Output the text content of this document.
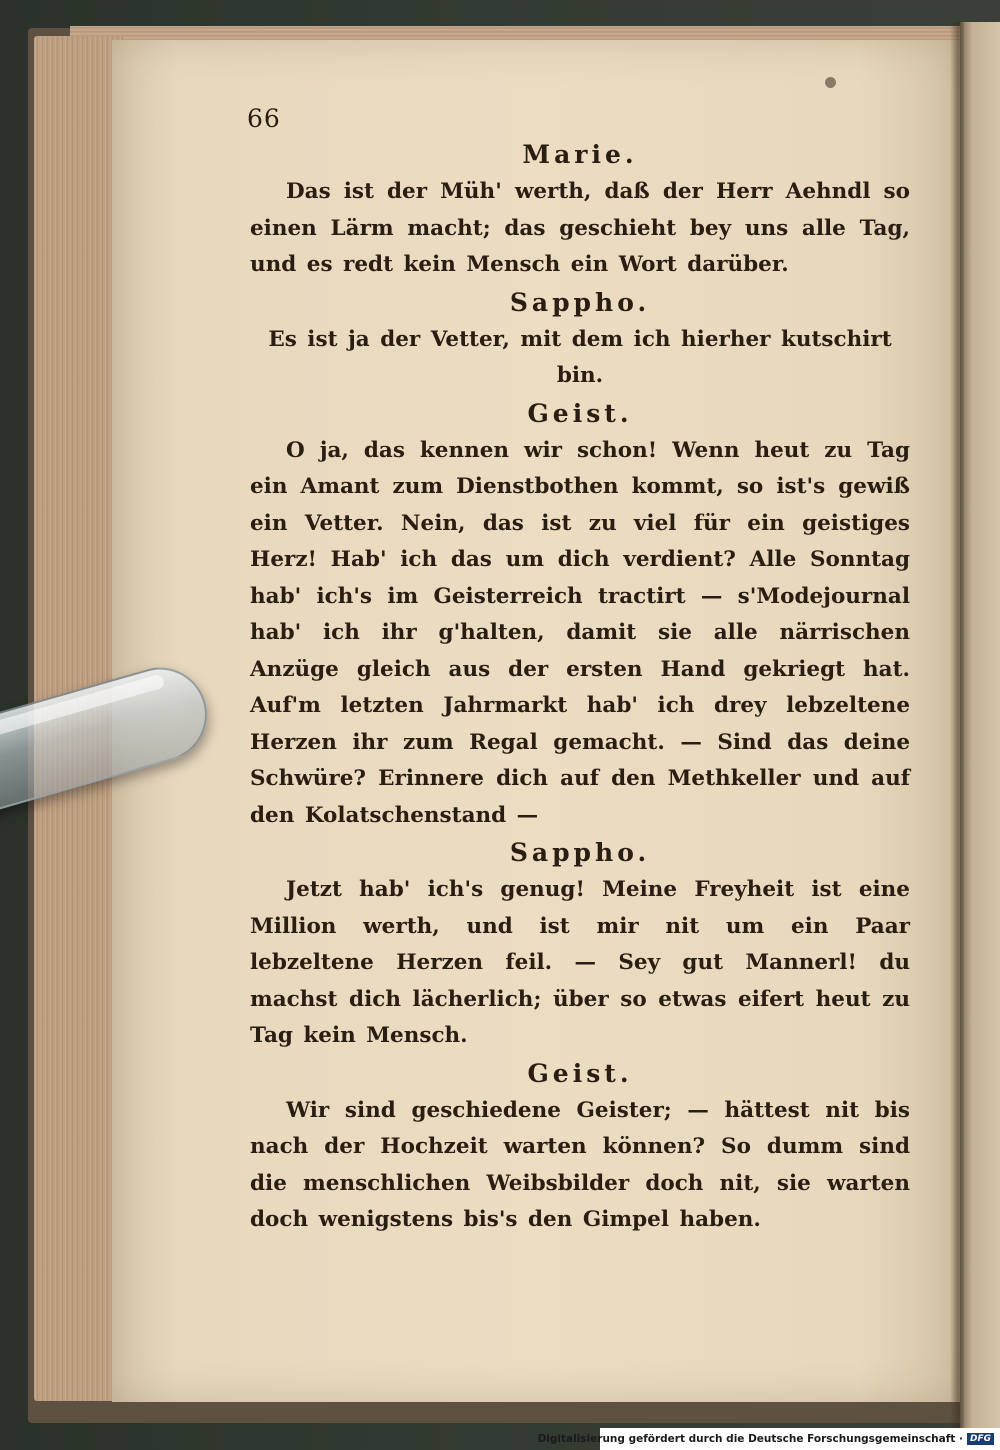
66
Marie.

Das ist der Müh' werth, daß der Herr Aehndl so einen Lärm macht; das geschieht bey uns alle Tag, und es redt kein Mensch ein Wort darüber.

Sappho.

Es ist ja der Vetter, mit dem ich hierher kutschirt bin.

Geist.

O ja, das kennen wir schon! Wenn heut zu Tag ein Amant zum Dienstbothen kommt, so ist's gewiß ein Vetter. Nein, das ist zu viel für ein geistiges Herz! Hab' ich das um dich verdient? Alle Sonntag hab' ich's im Geisterreich tractirt — s'Modejournal hab' ich ihr g'halten, damit sie alle närrischen Anzüge gleich aus der ersten Hand gekriegt hat. Auf'm letzten Jahrmarkt hab' ich drey lebzeltene Herzen ihr zum Regal gemacht. — Sind das deine Schwüre? Erinnere dich auf den Methkeller und auf den Kolatschenstand —

Sappho.

Jetzt hab' ich's genug! Meine Freyheit ist eine Million werth, und ist mir nit um ein Paar lebzeltene Herzen feil. — Sey gut Mannerl! du machst dich lächerlich; über so etwas eifert heut zu Tag kein Mensch.

Geist.

Wir sind geschiedene Geister; — hättest nit bis nach der Hochzeit warten können? So dumm sind die menschlichen Weibsbilder doch nit, sie warten doch wenigstens bis's den Gimpel haben.

Digitalisierung gefördert durch die Deutsche Forschungsgemeinschaft · DFG
